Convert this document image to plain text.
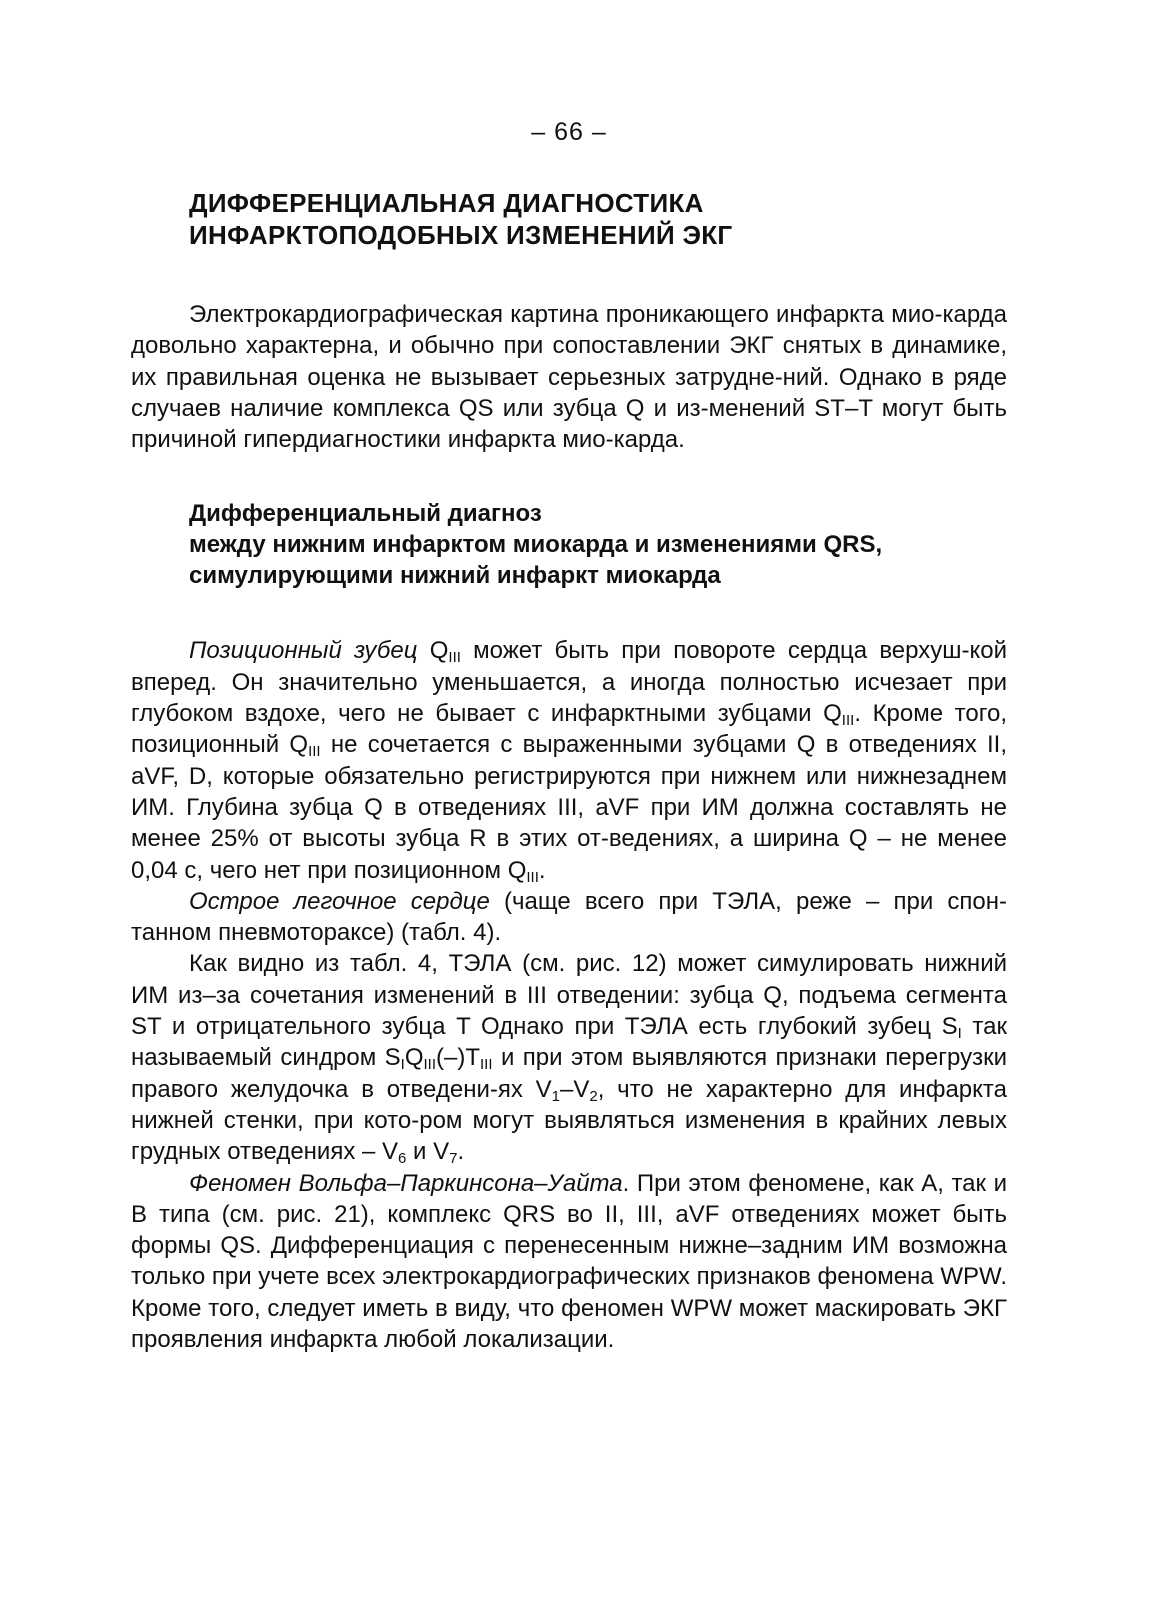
– 66 –
ДИФФЕРЕНЦИАЛЬНАЯ ДИАГНОСТИКА
ИНФАРКТОПОДОБНЫХ ИЗМЕНЕНИЙ ЭКГ

Электрокардиографическая картина проникающего инфаркта мио-карда довольно характерна, и обычно при сопоставлении ЭКГ снятых в динамике, их правильная оценка не вызывает серьезных затрудне-ний. Однако в ряде случаев наличие комплекса QS или зубца Q и из-менений ST–T могут быть причиной гипердиагностики инфаркта мио-карда.

Дифференциальный диагноз
между нижним инфарктом миокарда и изменениями QRS,
симулирующими нижний инфаркт миокарда

Позиционный зубец $Q_{III}$ может быть при повороте сердца верхуш-кой вперед. Он значительно уменьшается, а иногда полностью исчезает при глубоком вздохе, чего не бывает с инфарктными зубцами $Q_{III}$. Кроме того, позиционный $Q_{III}$ не сочетается с выраженными зубцами Q в отведениях II, aVF, D, которые обязательно регистрируются при нижнем или нижнезаднем ИМ. Глубина зубца Q в отведениях III, aVF при ИМ должна составлять не менее 25% от высоты зубца R в этих от-ведениях, а ширина Q – не менее 0,04 с, чего нет при позиционном $Q_{III}$.

Острое легочное сердце (чаще всего при ТЭЛА, реже – при спон-танном пневмотораксе) (табл. 4).

Как видно из табл. 4, ТЭЛА (см. рис. 12) может симулировать нижний ИМ из–за сочетания изменений в III отведении: зубца Q, подъема сегмента ST и отрицательного зубца T Однако при ТЭЛА есть глубокий зубец $S_I$ так называемый синдром $S_IQ_{III}(-)T_{III}$ и при этом выявляются признаки перегрузки правого желудочка в отведени-ях $V_1-V_2$, что не характерно для инфаркта нижней стенки, при кото-ром могут выявляться изменения в крайних левых грудных отведениях – $V_6$ и $V_7$.

Феномен Вольфа–Паркинсона–Уайта. При этом феномене, как А, так и В типа (см. рис. 21), комплекс QRS во II, III, aVF отведениях может быть формы QS. Дифференциация с перенесенным нижне–задним ИМ возможна только при учете всех электрокардиографических признаков феномена WPW. Кроме того, следует иметь в виду, что феномен WPW может маскировать ЭКГ проявления инфаркта любой локализации.
